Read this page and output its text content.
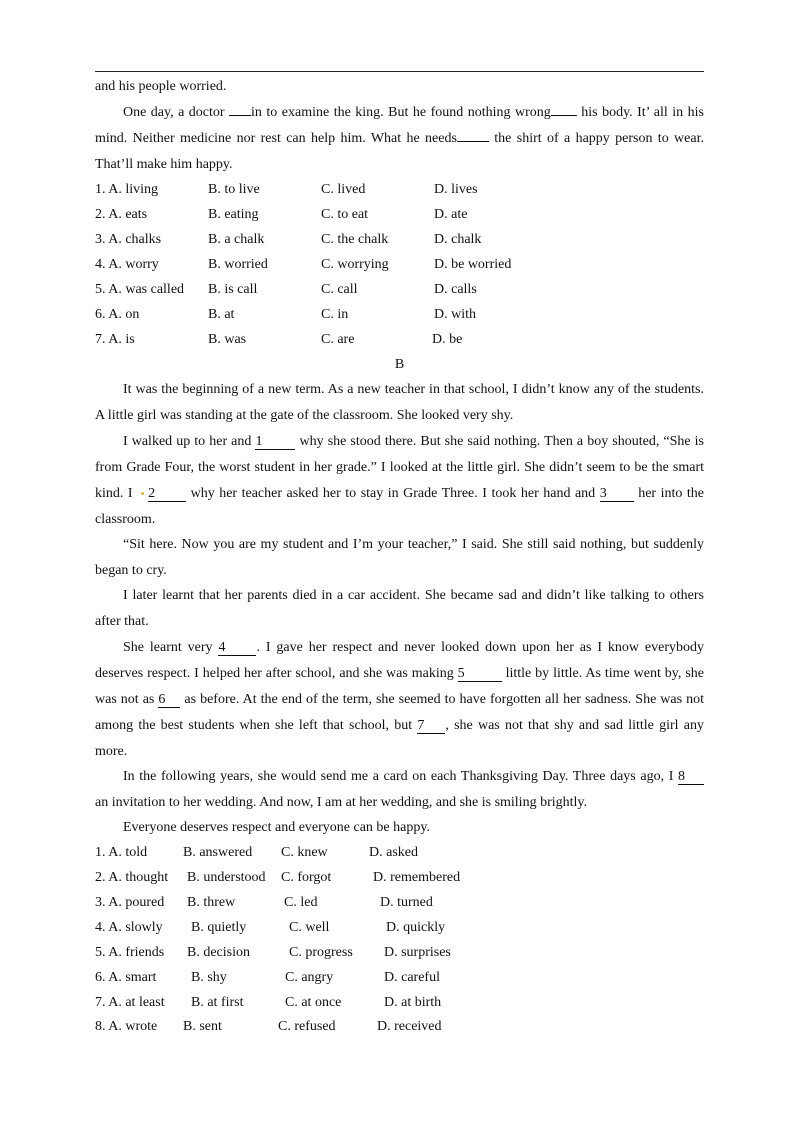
and his people worried.
One day, a doctor in to examine the king. But he found nothing wrong his body. It’ all in his
mind. Neither medicine nor rest can help him. What he needs the shirt of a happy person to wear.
That’ll make him happy.
1. A. living	B. to live	C. lived	D. lives
2. A. eats	B. eating	C. to eat	D. ate
3. A. chalks	B. a chalk	C. the chalk	D. chalk
4. A. worry	B. worried	C. worrying	D. be worried
5. A. was called B. is call	C. call	D. calls
6. A. on	B. at	C. in	D. with
7. A. is	B. was	C. are	D. be
B
It was the beginning of a new term. As a new teacher in that school, I didn’t know any of the students.
A little girl was standing at the gate of the classroom. She looked very shy.
I walked up to her and 1 why she stood there. But she said nothing. Then a boy shouted, “She is
from Grade Four, the worst student in her grade.” I looked at the little girl. She didn’t seem to be the smart
kind. I 2 why her teacher asked her to stay in Grade Three. I took her hand and 3 her into the
classroom.
“Sit here. Now you are my student and I’m your teacher,” I said. She still said nothing, but suddenly
began to cry.
I later learnt that her parents died in a car accident. She became sad and didn’t like talking to others
after that.
She learnt very 4 . I gave her respect and never looked down upon her as I know everybody
deserves respect. I helped her after school, and she was making 5	little by little. As time went by, she
was not as 6 as before. At the end of the term, she seemed to have forgotten all her sadness. She was not
among the best students when she left that school, but 7 , she was not that shy and sad little girl any
more.
In the following years, she would send me a card on each Thanksgiving Day. Three days ago, I 8
an invitation to her wedding. And now, I am at her wedding, and she is smiling brightly.
Everyone deserves respect and everyone can be happy.
1. A. told	B. answered C. knew	D. asked
2. A. thought B. understood C. forgot	D. remembered
3. A. poured B. threw	C. led	D. turned
4. A. slowly B. quietly	C. well	D. quickly
5. A. friends B. decision	C. progress D. surprises
6. A. smart B. shy	C. angry	D. careful
7. A. at least B. at first	C. at once	D. at birth
8. A. wrote B. sent	C. refused	D. received
